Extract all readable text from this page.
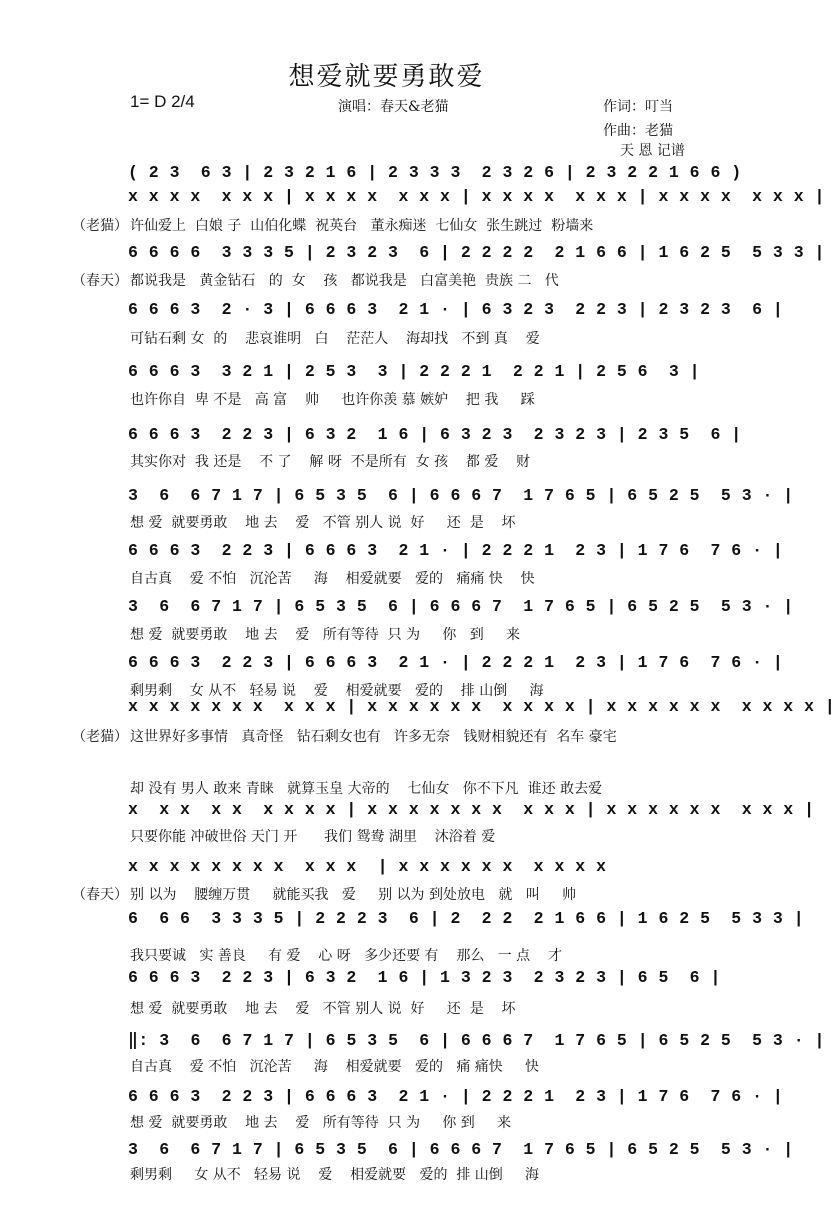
想爱就要勇敢爱
1= D 2/4	演唱：春天&老猫	作词：叮当
作曲：老猫
天 恩 记谱
( 2 3  6 3 | 2 3 2 1 6 | 2 3 3 3  2 3 2 6 | 2 3 2 2 1 6 6 )
x x x x  x x x | x x x x  x x x | x x x x  x x x | x x x x  x x x |
（老猫） 许仙爱上  白娘 子  山伯化蝶  祝英台   董永痴迷  七仙女  张生跳过  粉墙来
6 6 6 6  3 3 3 5 | 2 3 2 3  6 | 2 2 2 2  2 1 6 6 | 1 6 2 5  5 3 3 |
（春天） 都说我是   黄金钻石   的  女    孩   都说我是   白富美艳  贵族 二   代
6 6 6 3  2 · 3 | 6 6 6 3  2 1 · | 6 3 2 3  2 2 3 | 2 3 2 3  6 |
可钻石剩 女  的    悲哀谁明   白    茫茫人    海却找   不到 真    爱
6 6 6 3  3 2 1 | 2 5 3  3 | 2 2 2 1  2 2 1 | 2 5 6  3 |
也许你自  卑 不是   高 富    帅     也许你羡 慕 嫉妒    把 我     踩
6 6 6 3  2 2 3 | 6 3 2  1 6 | 6 3 2 3  2 3 2 3 | 2 3 5  6 |
其实你对  我 还是    不 了    解 呀  不是所有  女 孩    都 爱    财
3  6  6 7 1 7 | 6 5 3 5  6 | 6 6 6 7  1 7 6 5 | 6 5 2 5  5 3 · |
想 爱  就要勇敢    地 去    爱   不管 别人 说  好     还  是    坏
6 6 6 3  2 2 3 | 6 6 6 3  2 1 · | 2 2 2 1  2 3 | 1 7 6  7 6 · |
自古真    爱 不怕   沉沦苦     海    相爱就要   爱的   痛痛 快    快
3  6  6 7 1 7 | 6 5 3 5  6 | 6 6 6 7  1 7 6 5 | 6 5 2 5  5 3 · |
想 爱  就要勇敢    地 去    爱   所有等待  只 为     你   到     来
6 6 6 3  2 2 3 | 6 6 6 3  2 1 · | 2 2 2 1  2 3 | 1 7 6  7 6 · |
剩男剩    女 从不   轻易 说    爱    相爱就要   爱的    排 山倒     海
x x x x x x x  x x x | x x x x x x  x x x x | x x x x x x  x x x x |
（老猫） 这世界好多事情   真奇怪   钻石剩女也有   许多无奈   钱财相貌还有  名车 豪宅
x  x x  x x  x x x x | x x x x x x x  x x x | x x x x x x  x x x |
却 没有 男人 敢来 青睐   就算玉皇 大帝的    七仙女   你不下凡  谁还 敢去爱
x x x x x x x x  x x x  | x x x x x x  x x x x
只要你能 冲破世俗 天门 开      我们 鸳鸯 湖里    沐浴着 爱
6  6 6  3 3 3 5 | 2 2 2 3  6 | 2  2 2  2 1 6 6 | 1 6 2 5  5 3 3 |
（春天） 别 以为    腰缠万贯     就能买我   爱     别 以为 到处放电   就   叫     帅
6 6 6 3  2 2 3 | 6 3 2  1 6 | 1 3 2 3  2 3 2 3 | 6 5  6 |
我只要诚   实 善良     有 爱    心 呀   多少还要 有    那么   一 点    才
‖: 3  6  6 7 1 7 | 6 5 3 5  6 | 6 6 6 7  1 7 6 5 | 6 5 2 5  5 3 · |
想 爱  就要勇敢    地 去    爱   不管 别人 说  好     还  是    坏
6 6 6 3  2 2 3 | 6 6 6 3  2 1 · | 2 2 2 1  2 3 | 1 7 6  7 6 · |
自古真    爱 不怕   沉沦苦     海    相爱就要   爱的   痛 痛快     快
3  6  6 7 1 7 | 6 5 3 5  6 | 6 6 6 7  1 7 6 5 | 6 5 2 5  5 3 · |
想 爱  就要勇敢    地 去    爱   所有等待  只 为     你 到     来
剩男剩     女 从不   轻易 说    爱    相爱就要   爱的  排 山倒     海
